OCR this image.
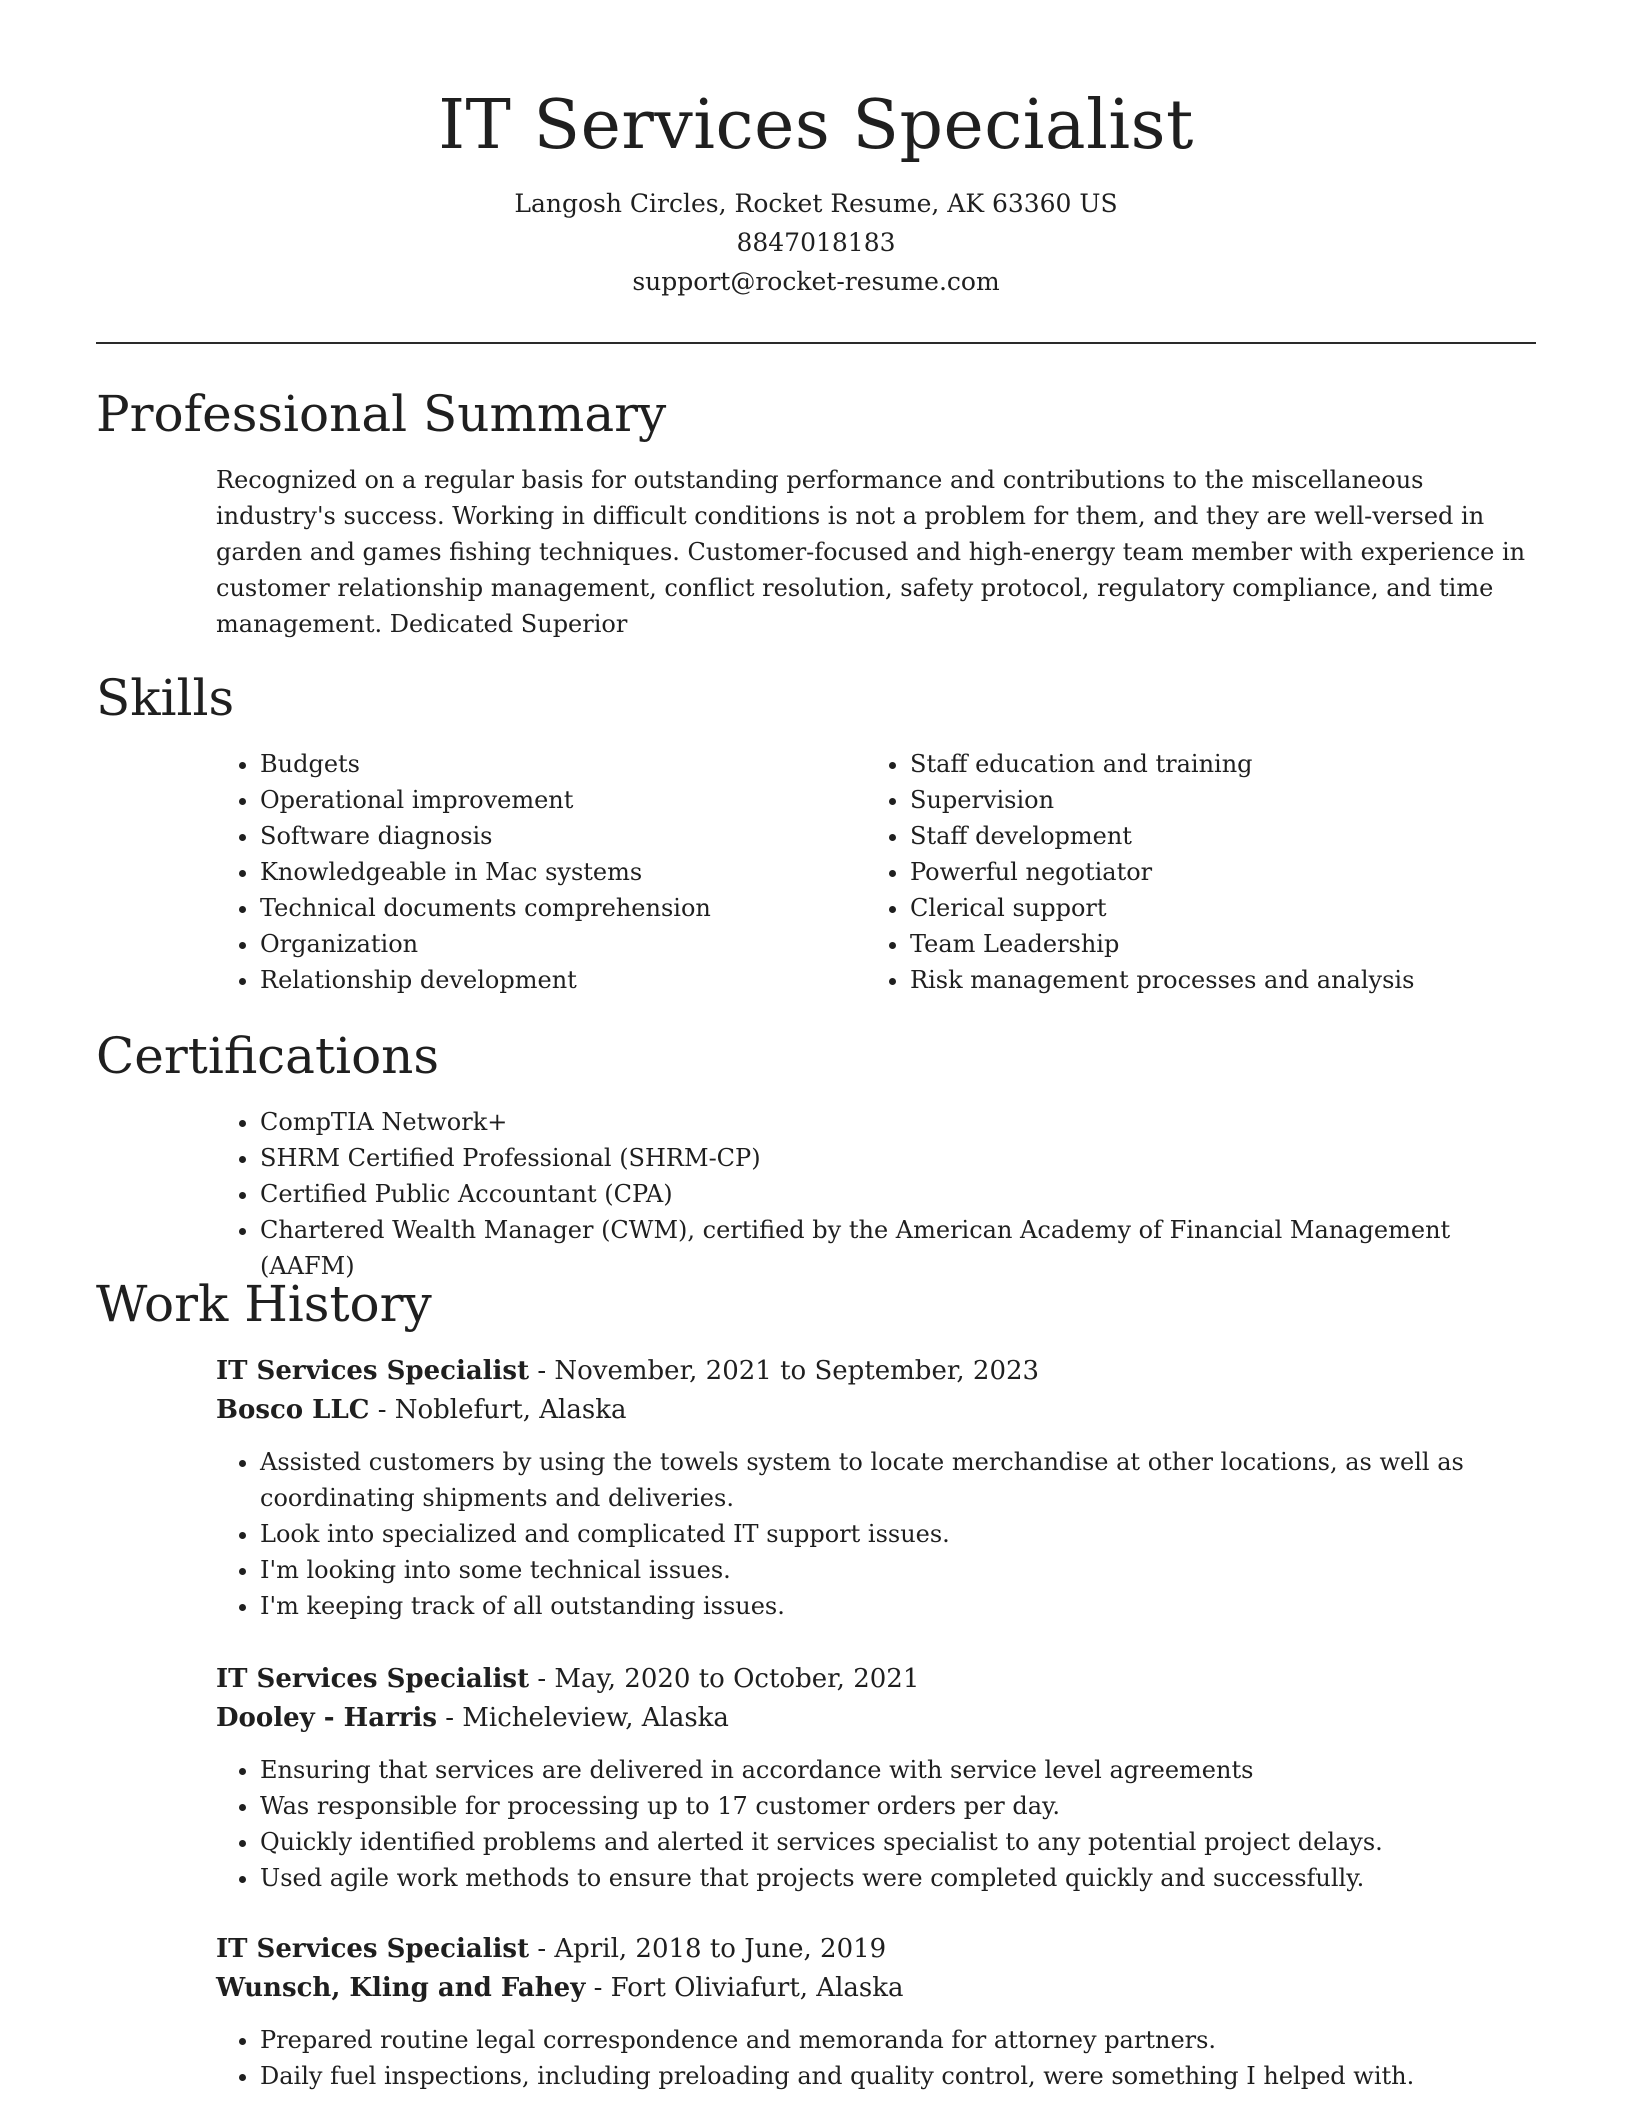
IT Services Specialist

Langosh Circles, Rocket Resume, AK 63360 US

8847018183

support@rocket-resume.com

Professional Summary

Recognized on a regular basis for outstanding performance and contributions to the miscellaneous industry's success. Working in difficult conditions is not a problem for them, and they are well-versed in garden and games fishing techniques. Customer-focused and high-energy team member with experience in customer relationship management, conflict resolution, safety protocol, regulatory compliance, and time management. Dedicated Superior

Skills
• Budgets
• Operational improvement
• Software diagnosis
• Knowledgeable in Mac systems
• Technical documents comprehension
• Organization
• Relationship development
• Staff education and training
• Supervision
• Staff development
• Powerful negotiator
• Clerical support
• Team Leadership
• Risk management processes and analysis
Certifications
• CompTIA Network+
• SHRM Certified Professional (SHRM-CP)
• Certified Public Accountant (CPA)
• Chartered Wealth Manager (CWM), certified by the American Academy of Financial Management (AAFM)
Work History

IT Services Specialist - November, 2021 to September, 2023

Bosco LLC - Noblefurt, Alaska

• Assisted customers by using the towels system to locate merchandise at other locations, as well as coordinating shipments and deliveries.
• Look into specialized and complicated IT support issues.
• I'm looking into some technical issues.
• I'm keeping track of all outstanding issues.

IT Services Specialist - May, 2020 to October, 2021

Dooley - Harris - Micheleview, Alaska

• Ensuring that services are delivered in accordance with service level agreements
• Was responsible for processing up to 17 customer orders per day.
• Quickly identified problems and alerted it services specialist to any potential project delays.
• Used agile work methods to ensure that projects were completed quickly and successfully.

IT Services Specialist - April, 2018 to June, 2019

Wunsch, Kling and Fahey - Fort Oliviafurt, Alaska

• Prepared routine legal correspondence and memoranda for attorney partners.
• Daily fuel inspections, including preloading and quality control, were something I helped with.
